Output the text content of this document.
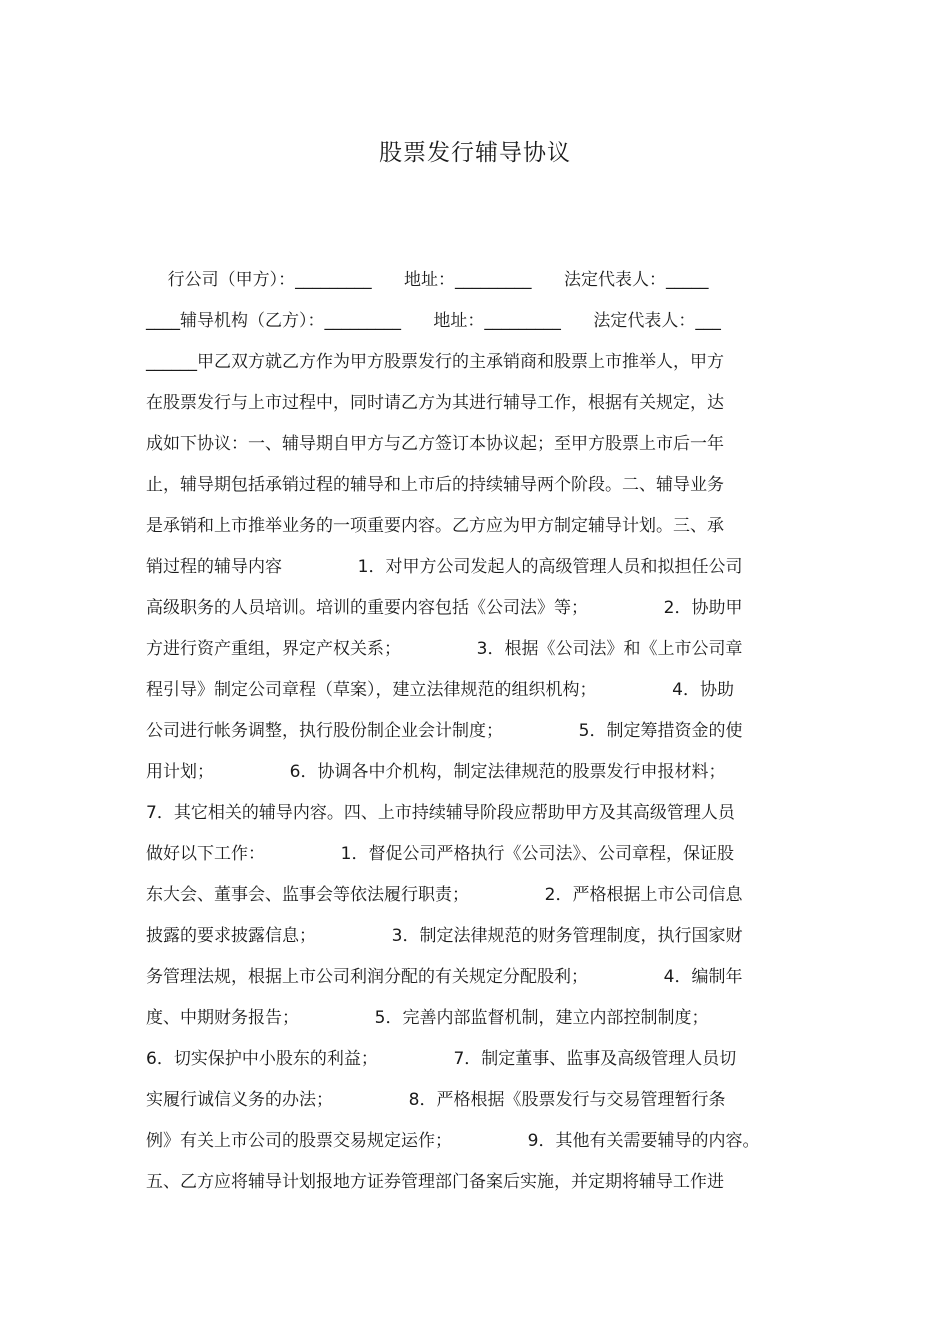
股票发行辅导协议
行公司（甲方）：_________      地址：_________      法定代表人：_____
____辅导机构（乙方）：_________      地址：_________      法定代表人：___
______甲乙双方就乙方作为甲方股票发行的主承销商和股票上市推举人，甲方
在股票发行与上市过程中，同时请乙方为其进行辅导工作，根据有关规定，达
成如下协议：一、辅导期自甲方与乙方签订本协议起；至甲方股票上市后一年
止，辅导期包括承销过程的辅导和上市后的持续辅导两个阶段。二、辅导业务
是承销和上市推举业务的一项重要内容。乙方应为甲方制定辅导计划。三、承
销过程的辅导内容              1．对甲方公司发起人的高级管理人员和拟担任公司
高级职务的人员培训。培训的重要内容包括《公司法》等；              2．协助甲
方进行资产重组，界定产权关系；              3．根据《公司法》和《上市公司章
程引导》制定公司章程（草案），建立法律规范的组织机构；              4．协助
公司进行帐务调整，执行股份制企业会计制度；              5．制定筹措资金的使
用计划；              6．协调各中介机构，制定法律规范的股票发行申报材料；
7．其它相关的辅导内容。四、上市持续辅导阶段应帮助甲方及其高级管理人员
做好以下工作：              1．督促公司严格执行《公司法》、公司章程，保证股
东大会、董事会、监事会等依法履行职责；              2．严格根据上市公司信息
披露的要求披露信息；              3．制定法律规范的财务管理制度，执行国家财
务管理法规，根据上市公司利润分配的有关规定分配股利；              4．编制年
度、中期财务报告；              5．完善内部监督机制，建立内部控制制度；
6．切实保护中小股东的利益；              7．制定董事、监事及高级管理人员切
实履行诚信义务的办法；              8．严格根据《股票发行与交易管理暂行条
例》有关上市公司的股票交易规定运作；              9．其他有关需要辅导的内容。
五、乙方应将辅导计划报地方证券管理部门备案后实施，并定期将辅导工作进
